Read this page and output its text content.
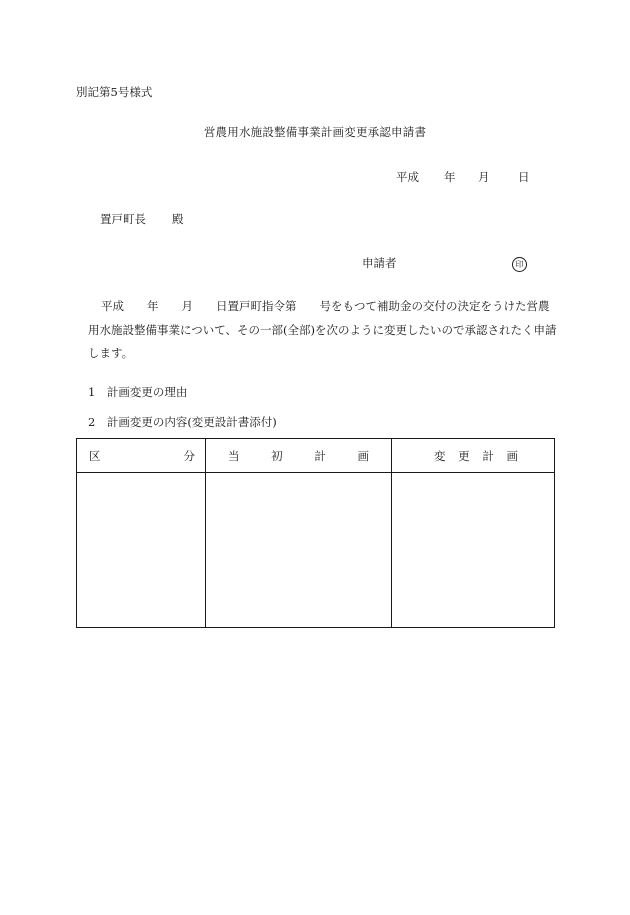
別記第5号様式
営農用水施設整備事業計画変更承認申請書
平成 年 月 日
置戸町長 殿
申請者	印
平成　　年　　月　　日置戸町指令第　　号をもつて補助金の交付の決定をうけた営農用水施設整備事業について、その一部(全部)を次のように変更したいので承認されたく申請します。
1　計画変更の理由
2　計画変更の内容(変更設計書添付)
区 分	当 初 計 画	変 更 計 画
